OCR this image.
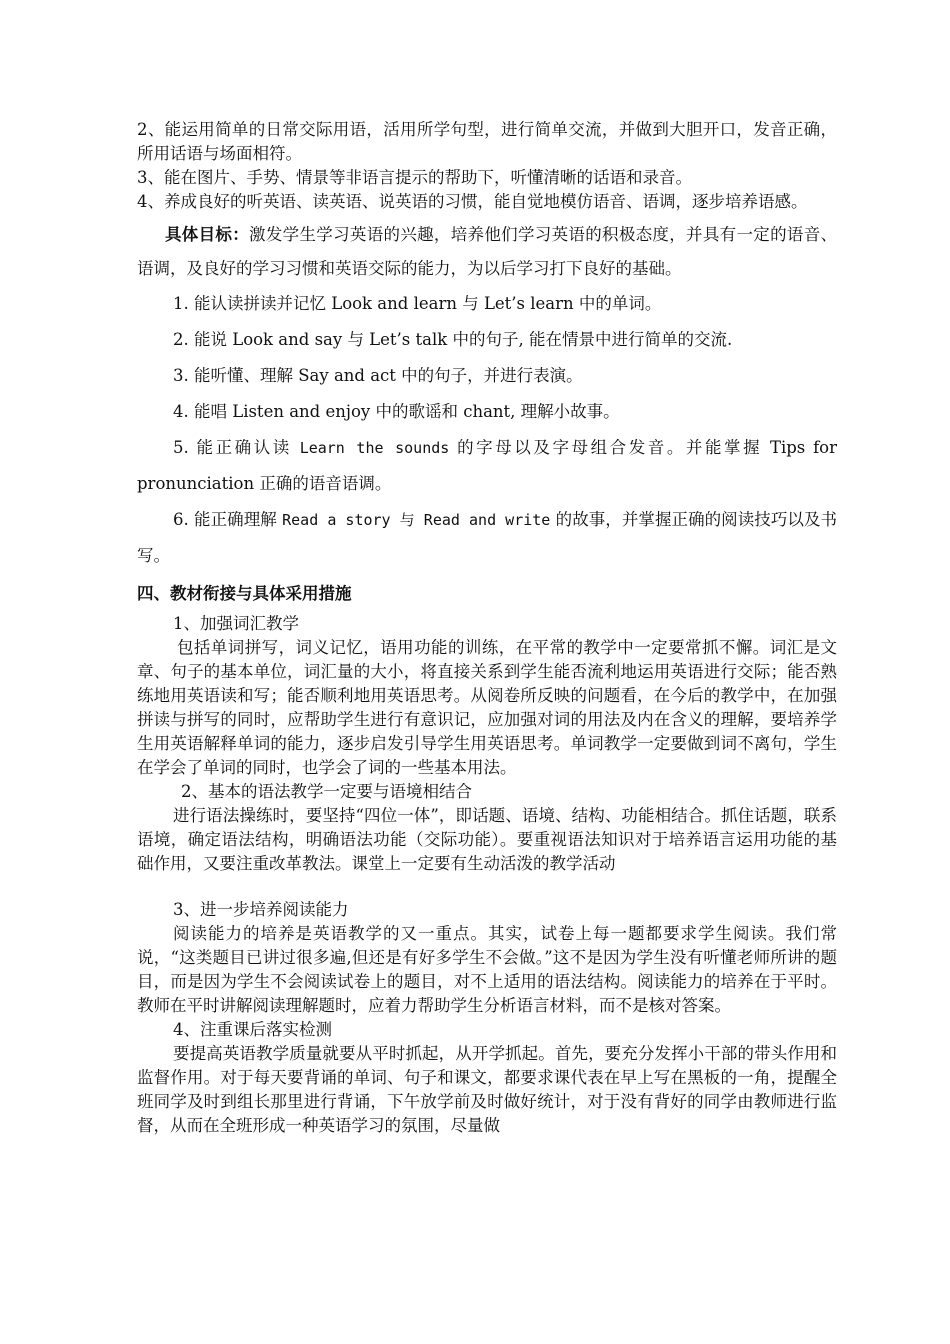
2、能运用简单的日常交际用语，活用所学句型，进行简单交流，并做到大胆开口，发音正确，所用话语与场面相符。

3、能在图片、手势、情景等非语言提示的帮助下，听懂清晰的话语和录音。

4、养成良好的听英语、读英语、说英语的习惯，能自觉地模仿语音、语调，逐步培养语感。

具体目标：激发学生学习英语的兴趣，培养他们学习英语的积极态度，并具有一定的语音、语调，及良好的学习习惯和英语交际的能力，为以后学习打下良好的基础。

1. 能认读拼读并记忆 Look and learn 与 Let’s learn 中的单词。

2. 能说 Look and say 与 Let’s talk 中的句子, 能在情景中进行简单的交流.

3. 能听懂、理解 Say and act 中的句子，并进行表演。

4. 能唱 Listen and enjoy 中的歌谣和 chant, 理解小故事。

5. 能正确认读 Learn the sounds 的字母以及字母组合发音。并能掌握 Tips for pronunciation 正确的语音语调。

6. 能正确理解 Read a story 与 Read and write 的故事，并掌握正确的阅读技巧以及书写。

四、教材衔接与具体采用措施

1、加强词汇教学

包括单词拼写，词义记忆，语用功能的训练，在平常的教学中一定要常抓不懈。词汇是文章、句子的基本单位，词汇量的大小，将直接关系到学生能否流利地运用英语进行交际；能否熟练地用英语读和写；能否顺利地用英语思考。从阅卷所反映的问题看，在今后的教学中，在加强拼读与拼写的同时，应帮助学生进行有意识记，应加强对词的用法及内在含义的理解，要培养学生用英语解释单词的能力，逐步启发引导学生用英语思考。单词教学一定要做到词不离句，学生在学会了单词的同时，也学会了词的一些基本用法。

2、基本的语法教学一定要与语境相结合

进行语法操练时，要坚持“四位一体”，即话题、语境、结构、功能相结合。抓住话题，联系语境，确定语法结构，明确语法功能（交际功能）。要重视语法知识对于培养语言运用功能的基础作用，又要注重改革教法。课堂上一定要有生动活泼的教学活动

3、进一步培养阅读能力

阅读能力的培养是英语教学的又一重点。其实，试卷上每一题都要求学生阅读。我们常说，“这类题目已讲过很多遍,但还是有好多学生不会做。”这不是因为学生没有听懂老师所讲的题目，而是因为学生不会阅读试卷上的题目，对不上适用的语法结构。阅读能力的培养在于平时。教师在平时讲解阅读理解题时，应着力帮助学生分析语言材料，而不是核对答案。

4、注重课后落实检测

要提高英语教学质量就要从平时抓起，从开学抓起。首先，要充分发挥小干部的带头作用和监督作用。对于每天要背诵的单词、句子和课文，都要求课代表在早上写在黑板的一角，提醒全班同学及时到组长那里进行背诵，下午放学前及时做好统计，对于没有背好的同学由教师进行监督，从而在全班形成一种英语学习的氛围，尽量做
